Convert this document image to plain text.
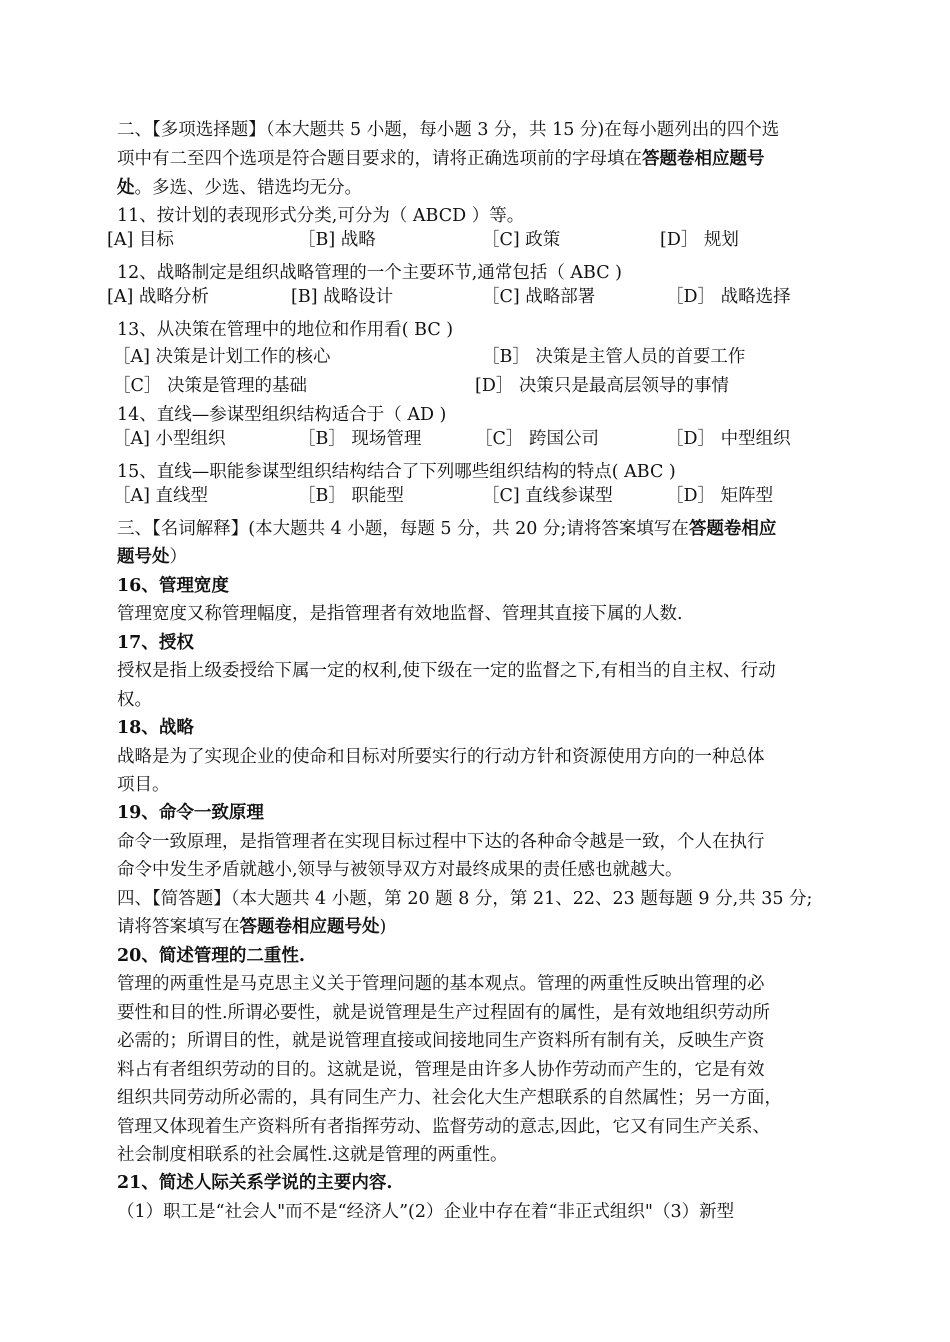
二、【多项选择题】（本大题共 5 小题，每小题 3 分，共 15 分)在每小题列出的四个选
项中有二至四个选项是符合题目要求的，请将正确选项前的字母填在答题卷相应题号
处。多选、少选、错选均无分。
11、按计划的表现形式分类,可分为（ ABCD ）等。
[A] 目标	［B] 战略	［C] 政策	[D］ 规划
12、战略制定是组织战略管理的一个主要环节,通常包括（ ABC )
[A] 战略分析	[B] 战略设计	［C] 战略部署	［D］ 战略选择
13、从决策在管理中的地位和作用看( BC )
［A] 决策是计划工作的核心	［B］ 决策是主管人员的首要工作
［C］ 决策是管理的基础	[D］ 决策只是最高层领导的事情
14、直线—参谋型组织结构适合于（ AD )
［A] 小型组织	［B］ 现场管理	［C］ 跨国公司	［D］ 中型组织
15、直线—职能参谋型组织结构结合了下列哪些组织结构的特点( ABC )
［A] 直线型	［B］ 职能型	［C] 直线参谋型	［D］ 矩阵型
三、【名词解释】(本大题共 4 小题，每题 5 分，共 20 分;请将答案填写在答题卷相应
题号处）
16、管理宽度
管理宽度又称管理幅度，是指管理者有效地监督、管理其直接下属的人数.
17、授权
授权是指上级委授给下属一定的权利,使下级在一定的监督之下,有相当的自主权、行动
权。
18、战略
战略是为了实现企业的使命和目标对所要实行的行动方针和资源使用方向的一种总体
项目。
19、命令一致原理
命令一致原理，是指管理者在实现目标过程中下达的各种命令越是一致，个人在执行
命令中发生矛盾就越小,领导与被领导双方对最终成果的责任感也就越大。
四、【简答题】（本大题共 4 小题，第 20 题 8 分，第 21、22、23 题每题 9 分,共 35 分;
请将答案填写在答题卷相应题号处)
20、简述管理的二重性.
管理的两重性是马克思主义关于管理问题的基本观点。管理的两重性反映出管理的必
要性和目的性.所谓必要性，就是说管理是生产过程固有的属性，是有效地组织劳动所
必需的；所谓目的性，就是说管理直接或间接地同生产资料所有制有关，反映生产资
料占有者组织劳动的目的。这就是说，管理是由许多人协作劳动而产生的，它是有效
组织共同劳动所必需的，具有同生产力、社会化大生产想联系的自然属性；另一方面，
管理又体现着生产资料所有者指挥劳动、监督劳动的意志,因此，它又有同生产关系、
社会制度相联系的社会属性.这就是管理的两重性。
21、简述人际关系学说的主要内容.
（1）职工是“社会人"而不是“经济人”(2）企业中存在着“非正式组织"（3）新型
